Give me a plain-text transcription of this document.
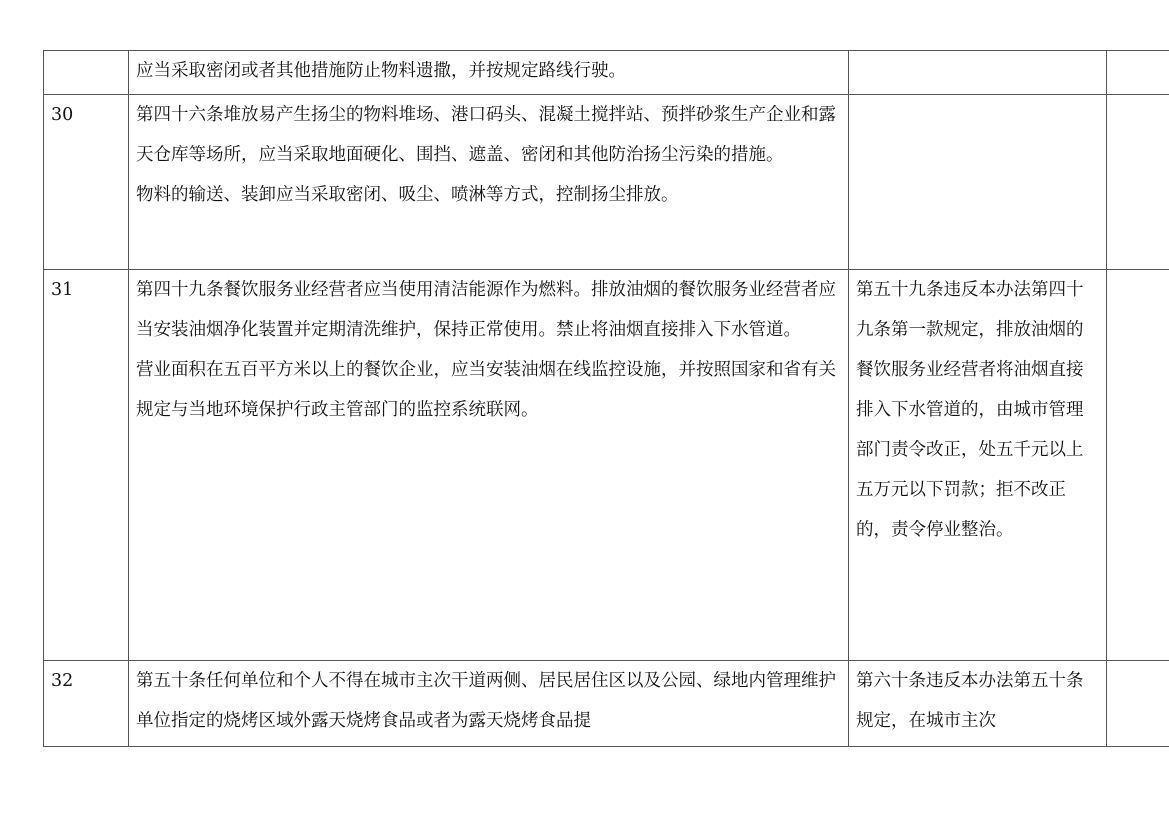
	应当采取密闭或者其他措施防止物料遗撒，并按规定路线行驶。		

30	第四十六条堆放易产生扬尘的物料堆场、港口码头、混凝土搅拌站、预拌砂浆生产企业和露天仓库等场所，应当采取地面硬化、围挡、遮盖、密闭和其他防治扬尘污染的措施。
物料的输送、装卸应当采取密闭、吸尘、喷淋等方式，控制扬尘排放。		

31	第四十九条餐饮服务业经营者应当使用清洁能源作为燃料。排放油烟的餐饮服务业经营者应当安装油烟净化装置并定期清洗维护，保持正常使用。禁止将油烟直接排入下水管道。
营业面积在五百平方米以上的餐饮企业，应当安装油烟在线监控设施，并按照国家和省有关规定与当地环境保护行政主管部门的监控系统联网。	第五十九条违反本办法第四十九条第一款规定，排放油烟的餐饮服务业经营者将油烟直接排入下水管道的，由城市管理部门责令改正，处五千元以上五万元以下罚款；拒不改正的，责令停业整治。	
32	第五十条任何单位和个人不得在城市主次干道两侧、居民居住区以及公园、绿地内管理维护单位指定的烧烤区域外露天烧烤食品或者为露天烧烤食品提	第六十条违反本办法第五十条规定，在城市主次	
